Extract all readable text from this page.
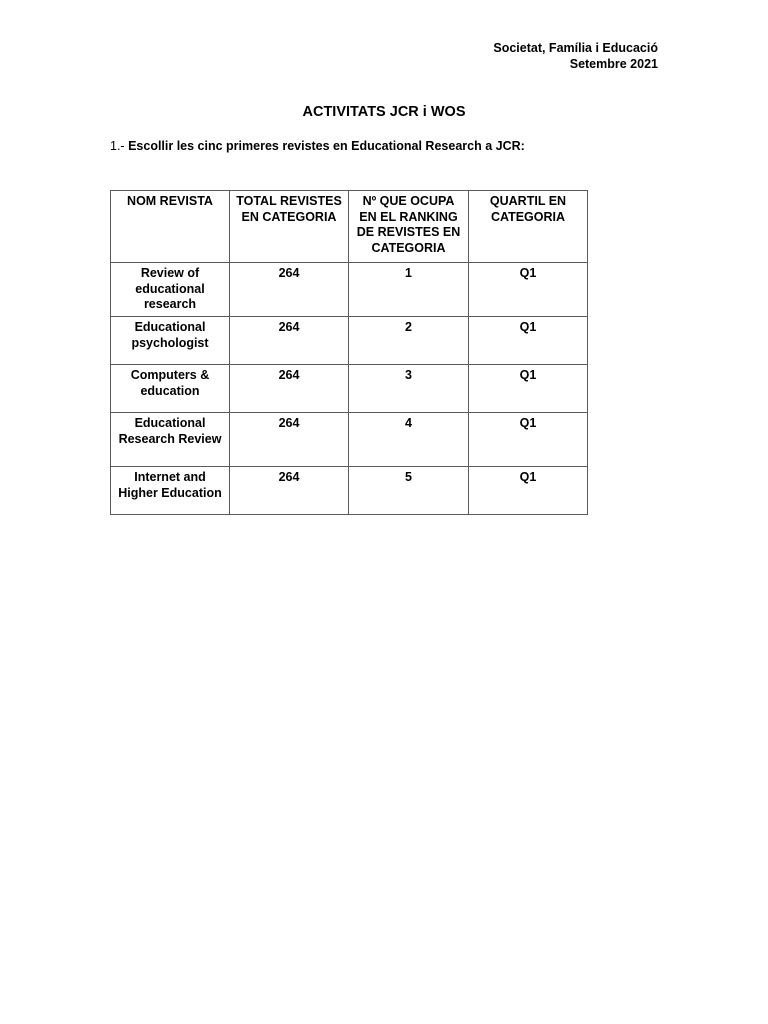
Societat, Família i Educació
Setembre 2021
ACTIVITATS JCR i WOS
1.- Escollir les cinc primeres revistes en Educational Research a JCR:
NOM REVISTA	TOTAL REVISTES EN CATEGORIA	Nº QUE OCUPA EN EL RANKING DE REVISTES EN CATEGORIA	QUARTIL EN CATEGORIA
Review of educational research	264	1	Q1
Educational psychologist	264	2	Q1
Computers & education	264	3	Q1
Educational Research Review	264	4	Q1
Internet and Higher Education	264	5	Q1
